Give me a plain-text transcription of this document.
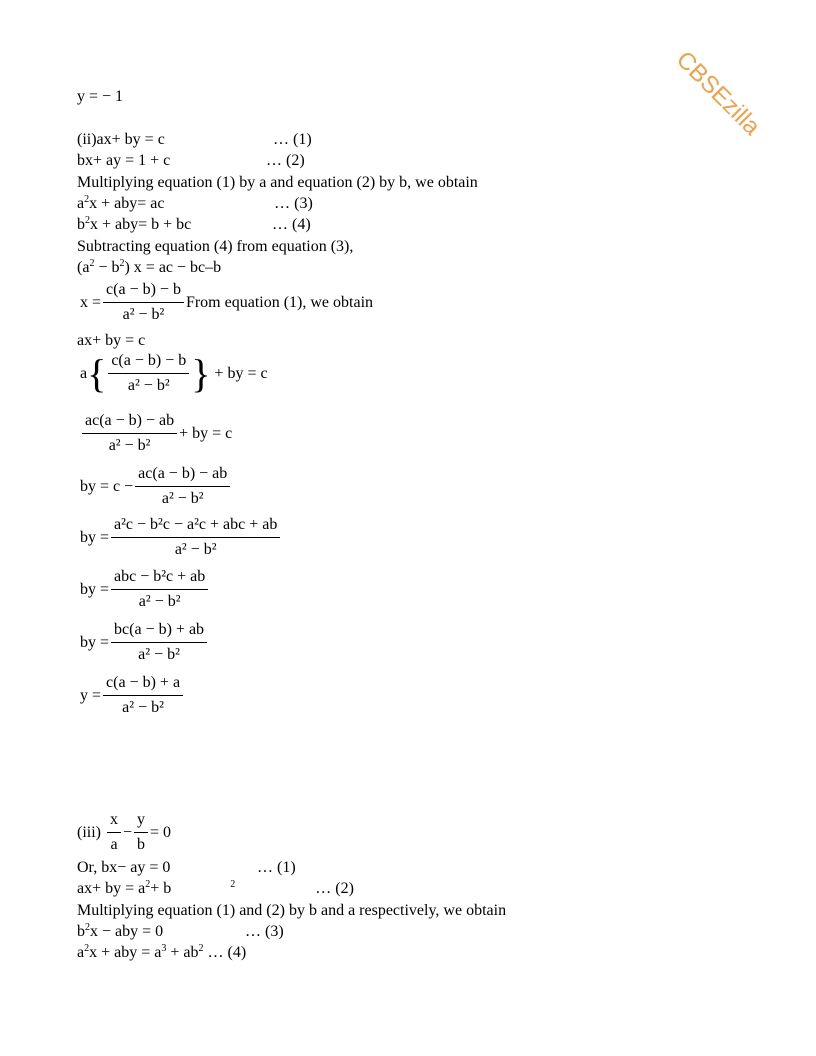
CBSEzilla
y = − 1
(ii)ax+ by = c	… (1)
bx+ ay = 1 + c	… (2)
Multiplying equation (1) by a and equation (2) by b, we obtain
$a^2x + aby=$ ac	… (3)
$b^2x + aby= b$ + bc	… (4)
Subtracting equation (4) from equation (3),
$(a^2 - b^2) x$ = ac − bc–b
$x = \frac{c(a - b) - b}{\text{a² − b²}}$ From equation (1), we obtain
ax+ by = c
a { $\frac{c(a - b) - b}{\text{a² − b²}}$ } + by = c
$\frac{ac(a - b) - ab}{\text{a² − b²}}$ + by = c
by = $c - \frac{ac(a - b) - ab}{\text{a² − b²}}$
by = $\frac{\text{a²c − b²c − a²c + abc + ab}}{\text{a² − b²}}$
by = $\frac{\text{abc − b²c + ab}}{\text{a² − b²}}$
by = $\frac{bc(a - b) + ab}{\text{a² − b²}}$
$y = \frac{c(a - b) + a}{\text{a² − b²}}$
$(iii) \frac{x}{a} - \frac{y}{b} = 0$
Or, bx− ay = 0	… (1)
ax+ by = $a^2+ b$	$^2$	… (2)
Multiplying equation (1) and (2) by b and a respectively, we obtain
$b^2x$ − aby = 0	… (3)
$a^2x$ + aby = $a^3 + ab^2$ … (4)
